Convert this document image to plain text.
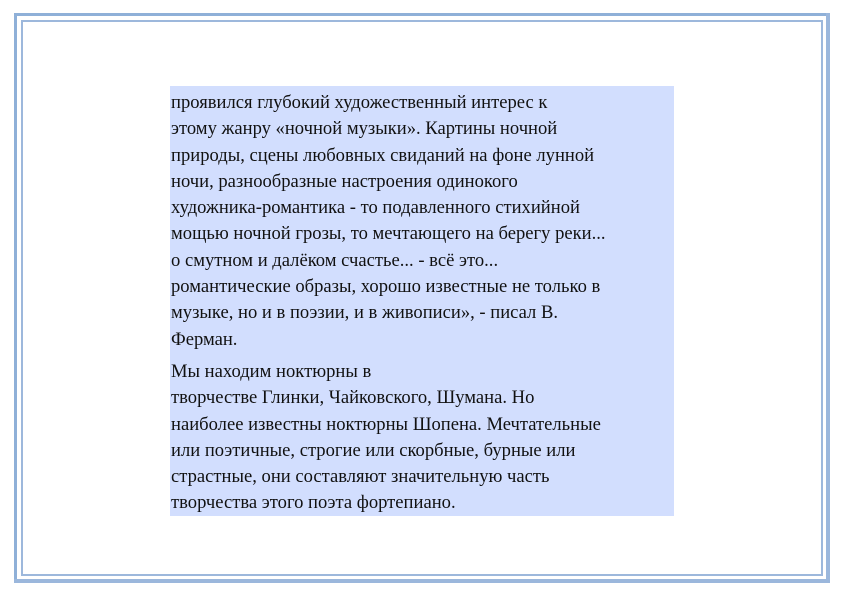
проявился глубокий художественный интерес к
этому жанру «ночной музыки». Картины ночной
природы, сцены любовных свиданий на фоне лунной
ночи, разнообразные настроения одинокого
художника-романтика - то подавленного стихийной
мощью ночной грозы, то мечтающего на берегу реки...
о смутном и далёком счастье... - всё это...
романтические образы, хорошо известные не только в
музыке, но и в поэзии, и в живописи», - писал В.
Ферман.

Мы находим ноктюрны в
творчестве Глинки, Чайковского, Шумана. Но
наиболее известны ноктюрны Шопена. Мечтательные
или поэтичные, строгие или скорбные, бурные или
страстные, они составляют значительную часть
творчества этого поэта фортепиано.
